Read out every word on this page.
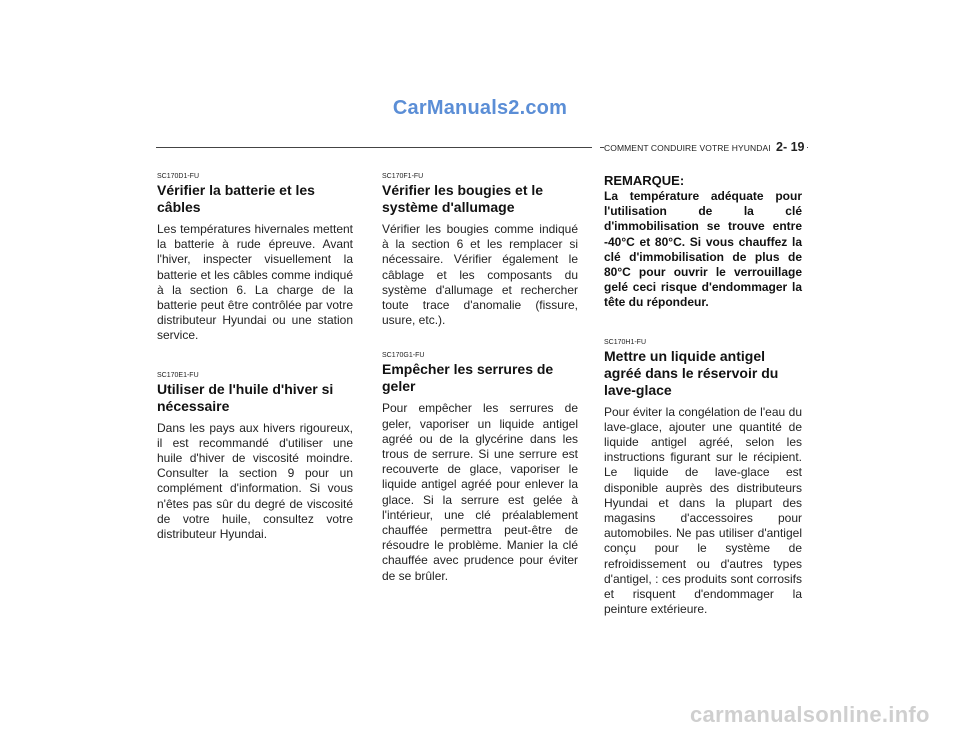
CarManuals2.com
COMMENT CONDUIRE VOTRE HYUNDAI 2- 19
SC170D1-FU
Vérifier la batterie et les câbles

Les températures hivernales mettent la batterie à rude épreuve. Avant l'hiver, inspecter visuellement la batterie et les câbles comme indiqué à la section 6. La charge de la batterie peut être contrôlée par votre distributeur Hyundai ou une station service.

SC170E1-FU
Utiliser de l'huile d'hiver si nécessaire

Dans les pays aux hivers rigoureux, il est recommandé d'utiliser une huile d'hiver de viscosité moindre. Consulter la section 9 pour un complément d'information. Si vous n'êtes pas sûr du degré de viscosité de votre huile, consultez votre distributeur Hyundai.

SC170F1-FU
Vérifier les bougies et le système d'allumage

Vérifier les bougies comme indiqué à la section 6 et les remplacer si nécessaire. Vérifier également le câblage et les composants du système d'allumage et rechercher toute trace d'anomalie (fissure, usure, etc.).

SC170G1-FU
Empêcher les serrures de geler

Pour empêcher les serrures de geler, vaporiser un liquide antigel agréé ou de la glycérine dans les trous de serrure. Si une serrure est recouverte de glace, vaporiser le liquide antigel agréé pour enlever la glace. Si la serrure est gelée à l'intérieur, une clé préalablement chauffée permettra peut-être de résoudre le problème. Manier la clé chauffée avec prudence pour éviter de se brûler.

REMARQUE:

La température adéquate pour l'utilisation de la clé d'immobilisation se trouve entre -40°C et 80°C. Si vous chauffez la clé d'immobilisation de plus de 80°C pour ouvrir le verrouillage gelé ceci risque d'endommager la tête du répondeur.

SC170H1-FU
Mettre un liquide antigel agréé dans le réservoir du lave-glace

Pour éviter la congélation de l'eau du lave-glace, ajouter une quantité de liquide antigel agréé, selon les instructions figurant sur le récipient. Le liquide de lave-glace est disponible auprès des distributeurs Hyundai et dans la plupart des magasins d'accessoires pour automobiles. Ne pas utiliser d'antigel conçu pour le système de refroidissement ou d'autres types d'antigel, : ces produits sont corrosifs et risquent d'endommager la peinture extérieure.

carmanualsonline.info
